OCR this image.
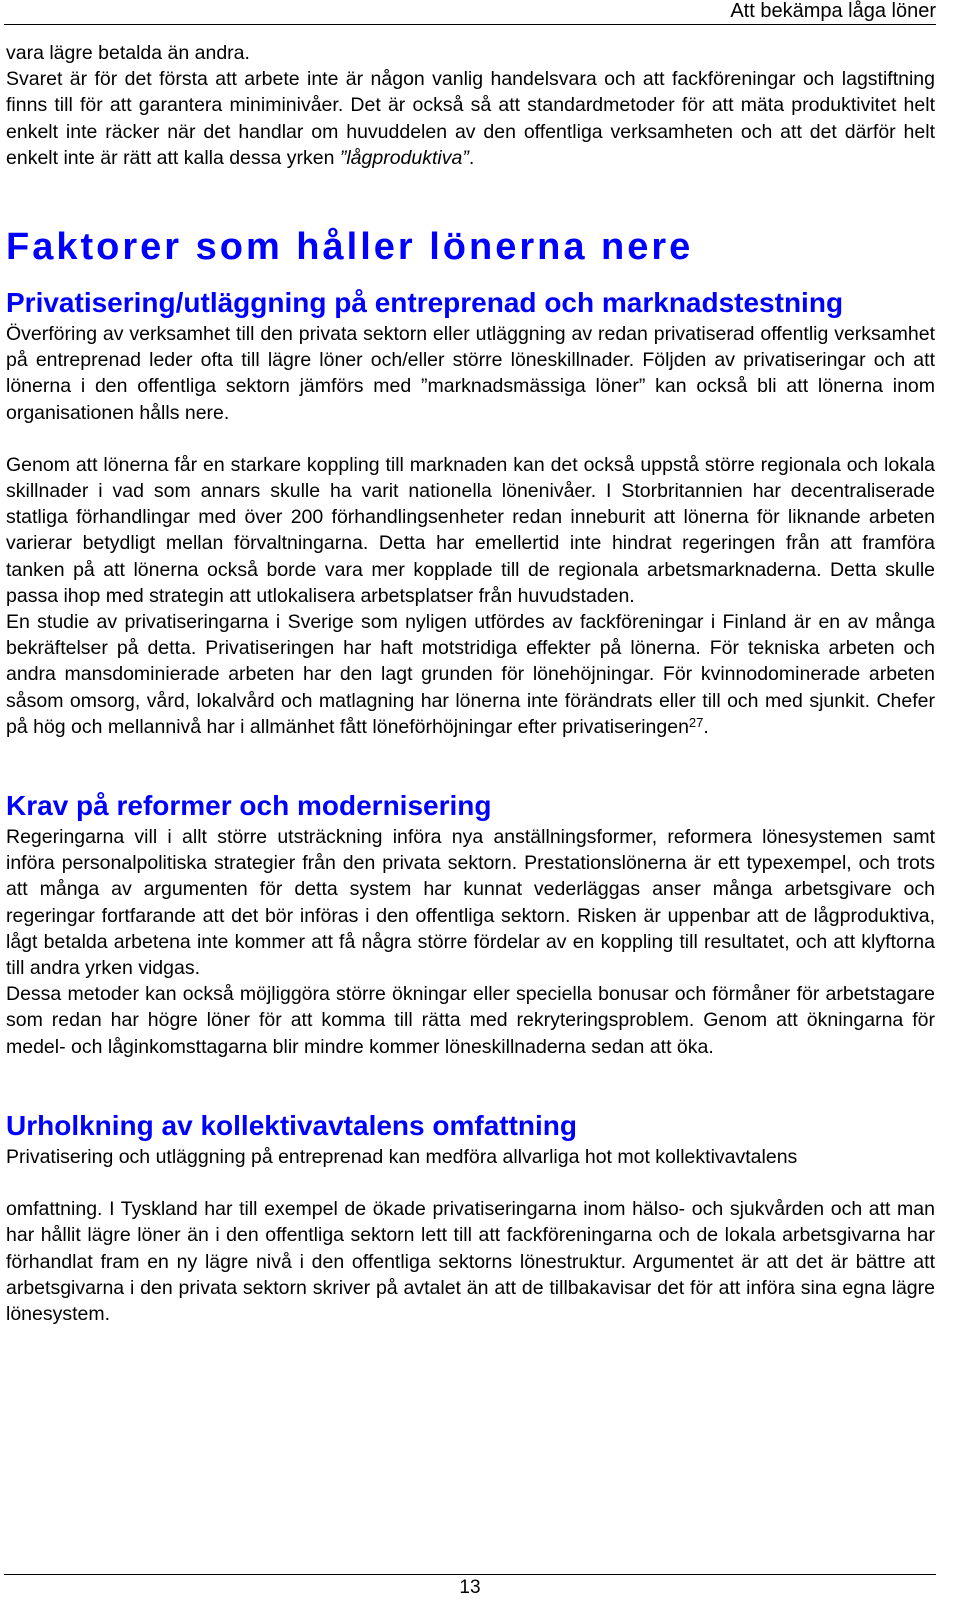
Att bekämpa låga löner

vara lägre betalda än andra.

Svaret är för det första att arbete inte är någon vanlig handelsvara och att fackföreningar och lagstiftning finns till för att garantera miniminivåer. Det är också så att standardmetoder för att mäta produktivitet helt enkelt inte räcker när det handlar om huvuddelen av den offentliga verksamheten och att det därför helt enkelt inte är rätt att kalla dessa yrken ”lågproduktiva”.

Faktorer som håller lönerna nere
Privatisering/utläggning på entreprenad och marknadstestning

Överföring av verksamhet till den privata sektorn eller utläggning av redan privatiserad offentlig verksamhet på entreprenad leder ofta till lägre löner och/eller större löneskillnader. Följden av privatiseringar och att lönerna i den offentliga sektorn jämförs med ”marknadsmässiga löner” kan också bli att lönerna inom organisationen hålls nere.

Genom att lönerna får en starkare koppling till marknaden kan det också uppstå större regionala och lokala skillnader i vad som annars skulle ha varit nationella lönenivåer. I Storbritannien har decentraliserade statliga förhandlingar med över 200 förhandlingsenheter redan inneburit att lönerna för liknande arbeten varierar betydligt mellan förvaltningarna. Detta har emellertid inte hindrat regeringen från att framföra tanken på att lönerna också borde vara mer kopplade till de regionala arbetsmarknaderna. Detta skulle passa ihop med strategin att utlokalisera arbetsplatser från huvudstaden.

En studie av privatiseringarna i Sverige som nyligen utfördes av fackföreningar i Finland är en av många bekräftelser på detta. Privatiseringen har haft motstridiga effekter på lönerna. För tekniska arbeten och andra mansdominierade arbeten har den lagt grunden för lönehöjningar. För kvinnodominerade arbeten såsom omsorg, vård, lokalvård och matlagning har lönerna inte förändrats eller till och med sjunkit. Chefer på hög och mellannivå har i allmänhet fått löneförhöjningar efter privatiseringen$^{27}$.

Krav på reformer och modernisering

Regeringarna vill i allt större utsträckning införa nya anställningsformer, reformera lönesystemen samt införa personalpolitiska strategier från den privata sektorn. Prestationslönerna är ett typexempel, och trots att många av argumenten för detta system har kunnat vederläggas anser många arbetsgivare och regeringar fortfarande att det bör införas i den offentliga sektorn. Risken är uppenbar att de lågproduktiva, lågt betalda arbetena inte kommer att få några större fördelar av en koppling till resultatet, och att klyftorna till andra yrken vidgas.

Dessa metoder kan också möjliggöra större ökningar eller speciella bonusar och förmåner för arbetstagare som redan har högre löner för att komma till rätta med rekryteringsproblem. Genom att ökningarna för medel- och låginkomsttagarna blir mindre kommer löneskillnaderna sedan att öka.

Urholkning av kollektivavtalens omfattning

Privatisering och utläggning på entreprenad kan medföra allvarliga hot mot kollektivavtalens

omfattning. I Tyskland har till exempel de ökade privatiseringarna inom hälso- och sjukvården och att man har hållit lägre löner än i den offentliga sektorn lett till att fackföreningarna och de lokala arbetsgivarna har förhandlat fram en ny lägre nivå i den offentliga sektorns lönestruktur. Argumentet är att det är bättre att arbetsgivarna i den privata sektorn skriver på avtalet än att de tillbakavisar det för att införa sina egna lägre lönesystem.

13
